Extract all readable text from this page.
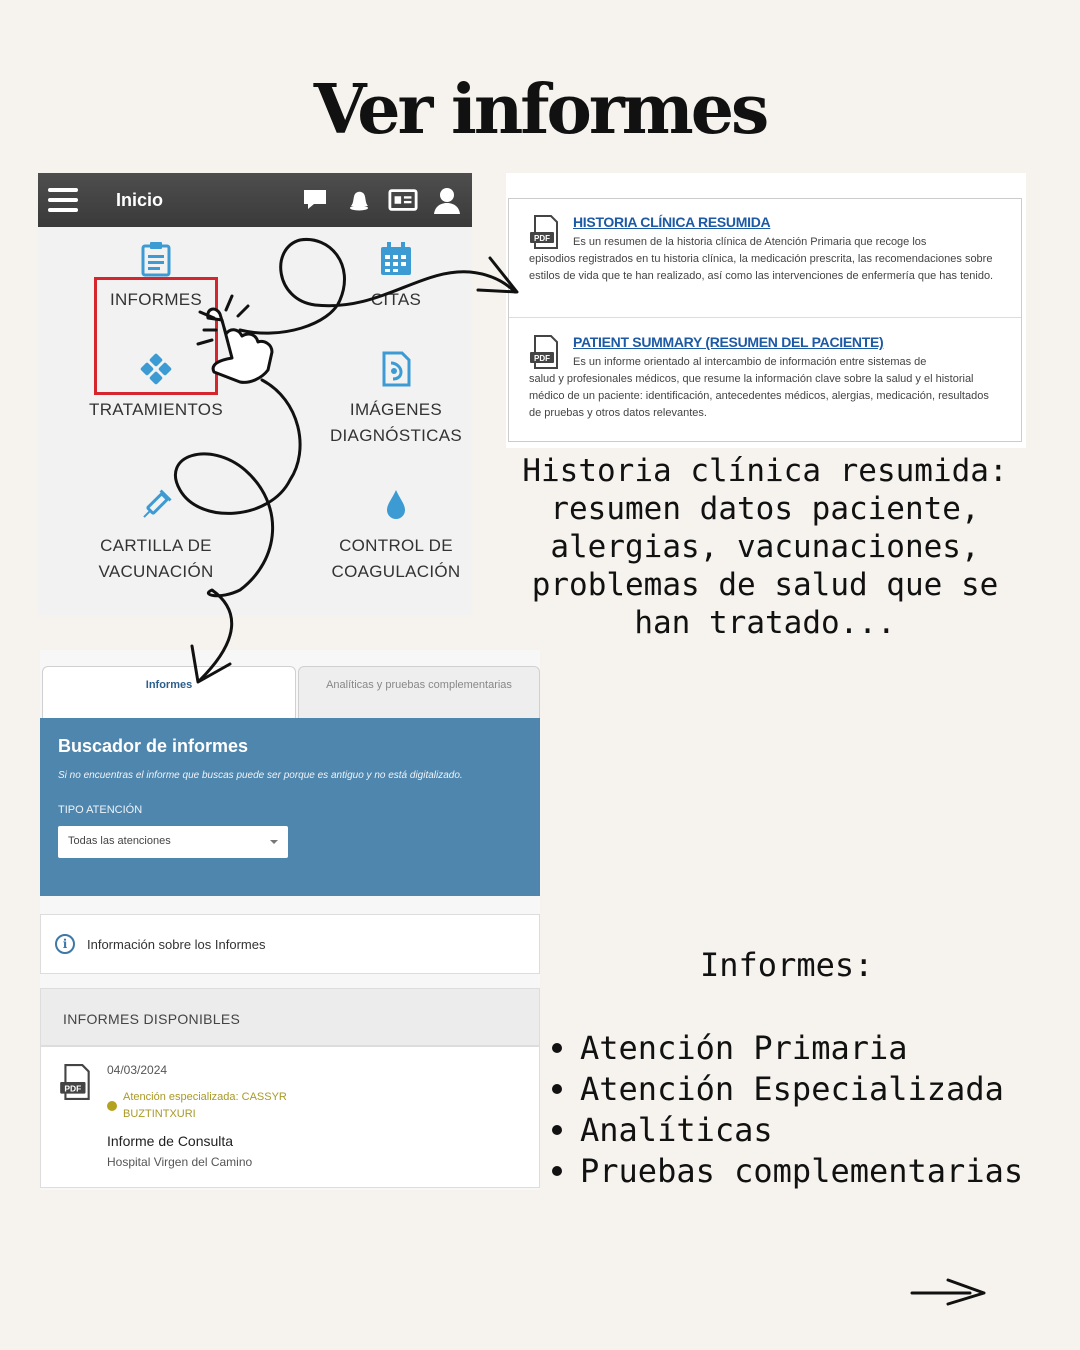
Ver informes
Inicio
INFORMES	CITAS
TRATAMIENTOS	IMÁGENES
DIAGNÓSTICAS
CARTILLA DE
VACUNACIÓN
CONTROL DE
COAGULACIÓN
PDF
HISTORIA CLÍNICA RESUMIDA
Es un resumen de la historia clínica de Atención Primaria que recoge los
episodios registrados en tu historia clínica, la medicación prescrita, las recomendaciones sobre estilos de vida que te han realizado, así como las intervenciones de enfermería que has tenido.
PDF
PATIENT SUMMARY (RESUMEN DEL PACIENTE)
Es un informe orientado al intercambio de información entre sistemas de
salud y profesionales médicos, que resume la información clave sobre la salud y el historial médico de un paciente: identificación, antecedentes médicos, alergias, medicación, resultados de pruebas y otros datos relevantes.
Historia clínica resumida: resumen datos paciente, alergias, vacunaciones, problemas de salud que se han tratado...
Informes	Analíticas y pruebas complementarias
Buscador de informes
Si no encuentras el informe que buscas puede ser porque es antiguo y no está digitalizado.
TIPO ATENCIÓN
Todas las atenciones
i	Información sobre los Informes
INFORMES DISPONIBLES
PDF
04/03/2024
Atención especializada: CASSYR BUZTINTXURI
Informe de Consulta
Hospital Virgen del Camino
Informes:
Atención Primaria
Atención Especializada
Analíticas
Pruebas complementarias
